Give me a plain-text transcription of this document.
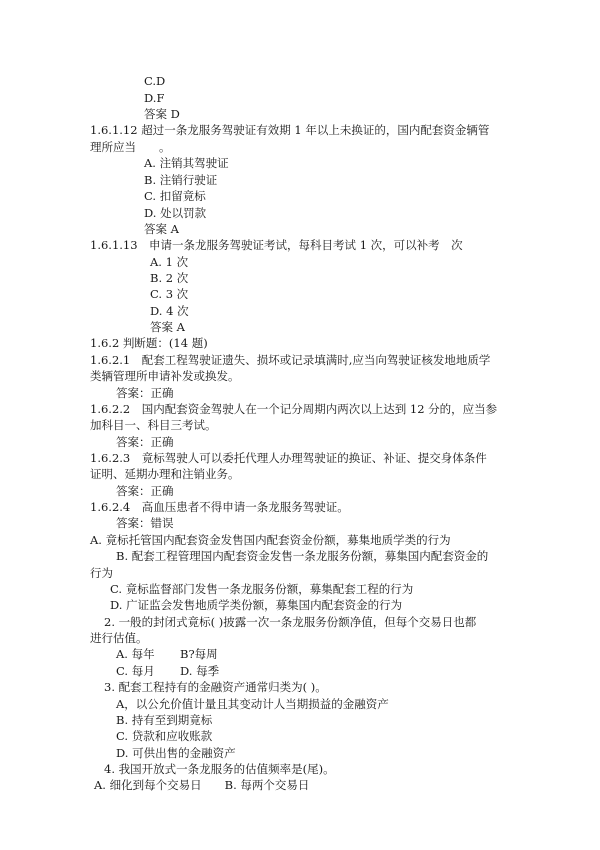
C.D
D.F
答案 D
1.6.1.12 超过一条龙服务驾驶证有效期 1 年以上未换证的，国内配套资金辆管
理所应当　　。
A. 注销其驾驶证
B. 注销行驶证
C. 扣留竟标
D. 处以罚款
答案 A
1.6.1.13　申请一条龙服务驾驶证考试，每科目考试 1 次，可以补考　次
A. 1 次
B. 2 次
C. 3 次
D. 4 次
答案 A
1.6.2 判断题：(14 题)
1.6.2.1　配套工程驾驶证遗失、损坏或记录填满时,应当向驾驶证核发地地质学
类辆管理所申请补发或换发。
答案：正确
1.6.2.2　国内配套资金驾驶人在一个记分周期内两次以上达到 12 分的，应当参
加科目一、科目三考试。
答案：正确
1.6.2.3　竟标驾驶人可以委托代理人办理驾驶证的换证、补证、提交身体条件
证明、延期办理和注销业务。
答案：正确
1.6.2.4　高血压患者不得申请一条龙服务驾驶证。
答案：错误
A. 竟标托管国内配套资金发售国内配套资金份额，募集地质学类的行为
B. 配套工程管理国内配套资金发售一条龙服务份额，募集国内配套资金的
行为
C. 竟标监督部门发售一条龙服务份额，募集配套工程的行为
D. 广证监会发售地质学类份额，募集国内配套资金的行为
2. 一般的封闭式竟标( )披露一次一条龙服务份额净值，但每个交易日也都
进行估值。
A. 每年 B?每周
C. 每月 D. 每季
3. 配套工程持有的金融资产通常归类为( )。
A，以公允价值计量且其变动计人当期损益的金融资产
B. 持有至到期竟标
C. 贷款和应收账款
D. 可供出售的金融资产
4. 我国开放式一条龙服务的估值频率是(尾)。
A. 细化到每个交易日　　B. 每两个交易日
